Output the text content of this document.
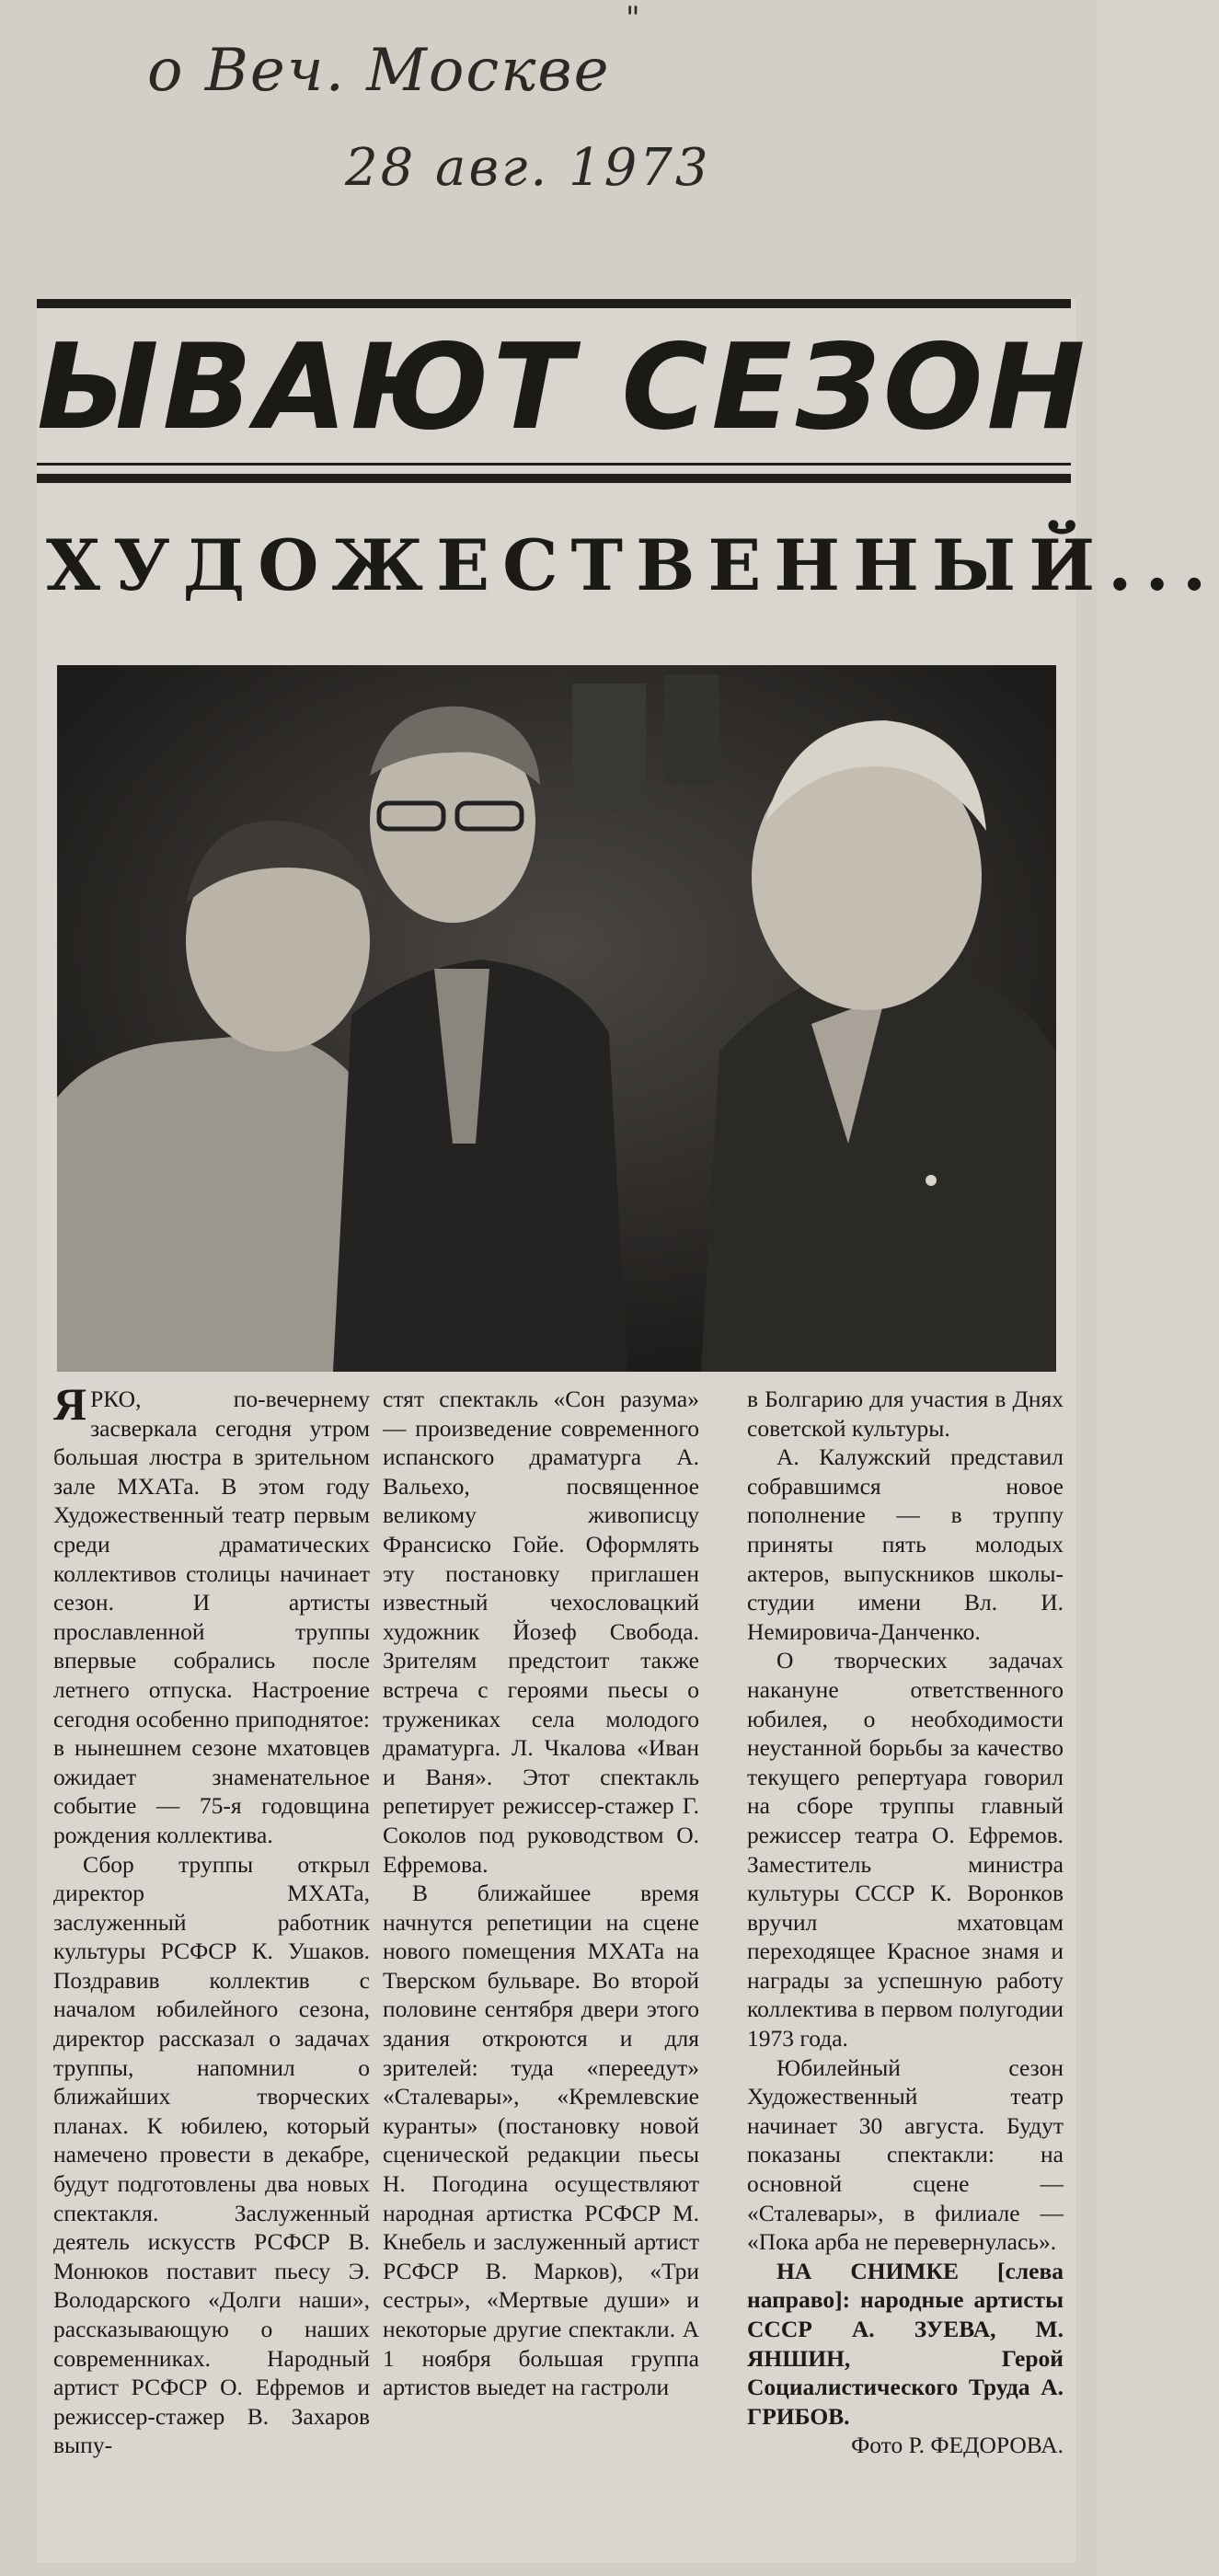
"
о Веч. Москве
28 авг. 1973
ЫВАЮТ СЕЗОН
ХУДОЖЕСТВЕННЫЙ...

ЯРКО, по-вечернему засверкала сегодня утром большая люстра в зрительном зале МХАТа. В этом году Художественный театр первым среди драматических коллективов столицы начинает сезон. И артисты прославленной труппы впервые собрались после летнего отпуска. Настроение сегодня особенно приподнятое: в нынешнем сезоне мхатовцев ожидает знаменательное событие — 75-я годовщина рождения коллектива.

Сбор труппы открыл директор МХАТа, заслуженный работник культуры РСФСР К. Ушаков. Поздравив коллектив с началом юбилейного сезона, директор рассказал о задачах труппы, напомнил о ближайших творческих планах. К юбилею, который намечено провести в декабре, будут подготовлены два новых спектакля. Заслуженный деятель искусств РСФСР В. Монюков поставит пьесу Э. Володарского «Долги наши», рассказывающую о наших современниках. Народный артист РСФСР О. Ефремов и режиссер-стажер В. Захаров выпу-

стят спектакль «Сон разума» — произведение современного испанского драматурга А. Вальехо, посвященное великому живописцу Франсиско Гойе. Оформлять эту постановку приглашен известный чехословацкий художник Йозеф Свобода. Зрителям предстоит также встреча с героями пьесы о тружениках села молодого драматурга. Л. Чкалова «Иван и Ваня». Этот спектакль репетирует режиссер-стажер Г. Соколов под руководством О. Ефремова.

В ближайшее время начнутся репетиции на сцене нового помещения МХАТа на Тверском бульваре. Во второй половине сентября двери этого здания откроются и для зрителей: туда «переедут» «Сталевары», «Кремлевские куранты» (постановку новой сценической редакции пьесы Н. Погодина осуществляют народная артистка РСФСР М. Кнебель и заслуженный артист РСФСР В. Марков), «Три сестры», «Мертвые души» и некоторые другие спектакли. А 1 ноября большая группа артистов выедет на гастроли

в Болгарию для участия в Днях советской культуры.

А. Калужский представил собравшимся новое пополнение — в труппу приняты пять молодых актеров, выпускников школы-студии имени Вл. И. Немировича-Данченко.

О творческих задачах накануне ответственного юбилея, о необходимости неустанной борьбы за качество текущего репертуара говорил на сборе труппы главный режиссер театра О. Ефремов. Заместитель министра культуры СССР К. Воронков вручил мхатовцам переходящее Красное знамя и награды за успешную работу коллектива в первом полугодии 1973 года.

Юбилейный сезон Художественный театр начинает 30 августа. Будут показаны спектакли: на основной сцене — «Сталевары», в филиале — «Пока арба не перевернулась».

НА СНИМКЕ [слева направо]: народные артисты СССР А. ЗУЕВА, М. ЯНШИН, Герой Социалистического Труда А. ГРИБОВ.

Фото Р. ФЕДОРОВА.
